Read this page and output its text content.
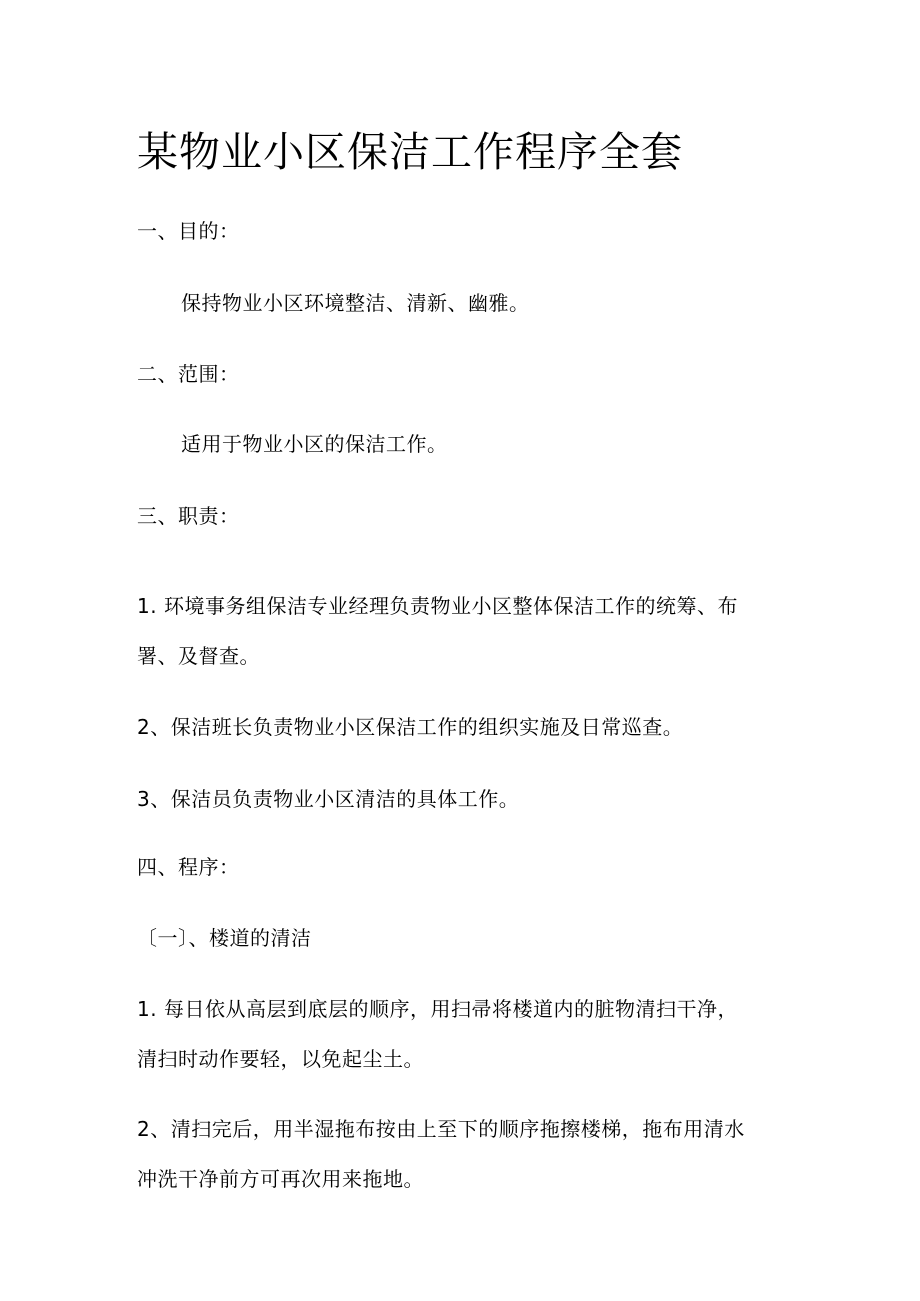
某物业小区保洁工作程序全套
一、目的：
保持物业小区环境整洁、清新、幽雅。
二、范围：
适用于物业小区的保洁工作。
三、职责：
1. 环境事务组保洁专业经理负责物业小区整体保洁工作的统筹、布
署、及督查。
2、保洁班长负责物业小区保洁工作的组织实施及日常巡查。
3、保洁员负责物业小区清洁的具体工作。
四、程序：
〔一〕、楼道的清洁
1. 每日依从高层到底层的顺序，用扫帚将楼道内的脏物清扫干净，
清扫时动作要轻，以免起尘土。
2、清扫完后，用半湿拖布按由上至下的顺序拖擦楼梯，拖布用清水
冲洗干净前方可再次用来拖地。
